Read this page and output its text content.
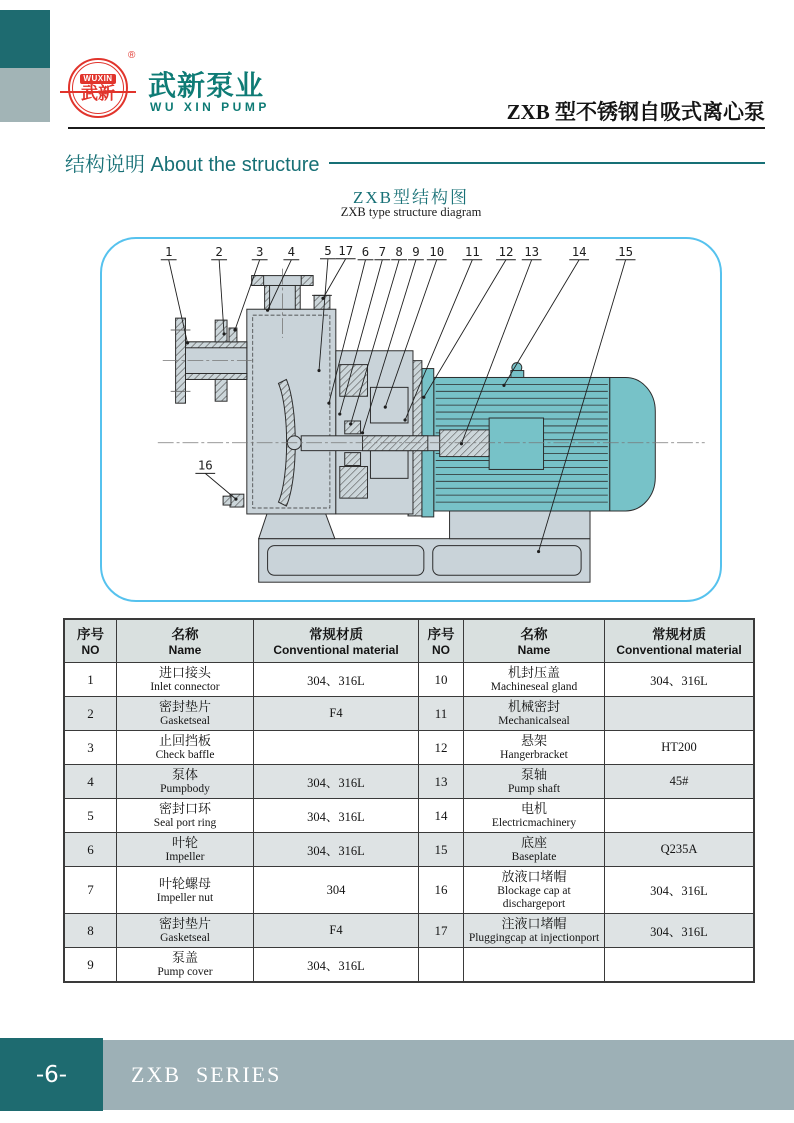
WUXIN
®
武新泵业
WU XIN PUMP	ZXB 型不锈钢自吸式离心泵
结构说明 About the structure
ZXB型结构图
ZXB type structure diagram
1	2	3 4 5 17 6 7 8 9 10 11 12 13	14	15
16
序号
NO	名称
Name	常规材质
Conventional material	序号
NO	名称
Name	常规材质
Conventional material

1	进口接头
Inlet connector	304、316L	10	机封压盖
Machineseal gland	304、316L
2	密封垫片
Gasketseal	F4	11	机械密封
Mechanicalseal	

3	止回挡板
Check baffle		12	悬架
Hangerbracket	HT200
4	泵体
Pumpbody	304、316L	13	泵轴
Pump shaft	45#
5	密封口环
Seal port ring	304、316L	14	电机
Electricmachinery	

6	叶轮
Impeller	304、316L	15	底座
Baseplate	Q235A
7	叶轮螺母
Impeller nut	304	16	放液口堵帽
Blockage cap at dischargeport	304、316L
8	密封垫片
Gasketseal	F4	17	注液口堵帽
Pluggingcap at injectionport	304、316L
9	泵盖
Pump cover	304、316L		

-6-	ZXB  SERIES
